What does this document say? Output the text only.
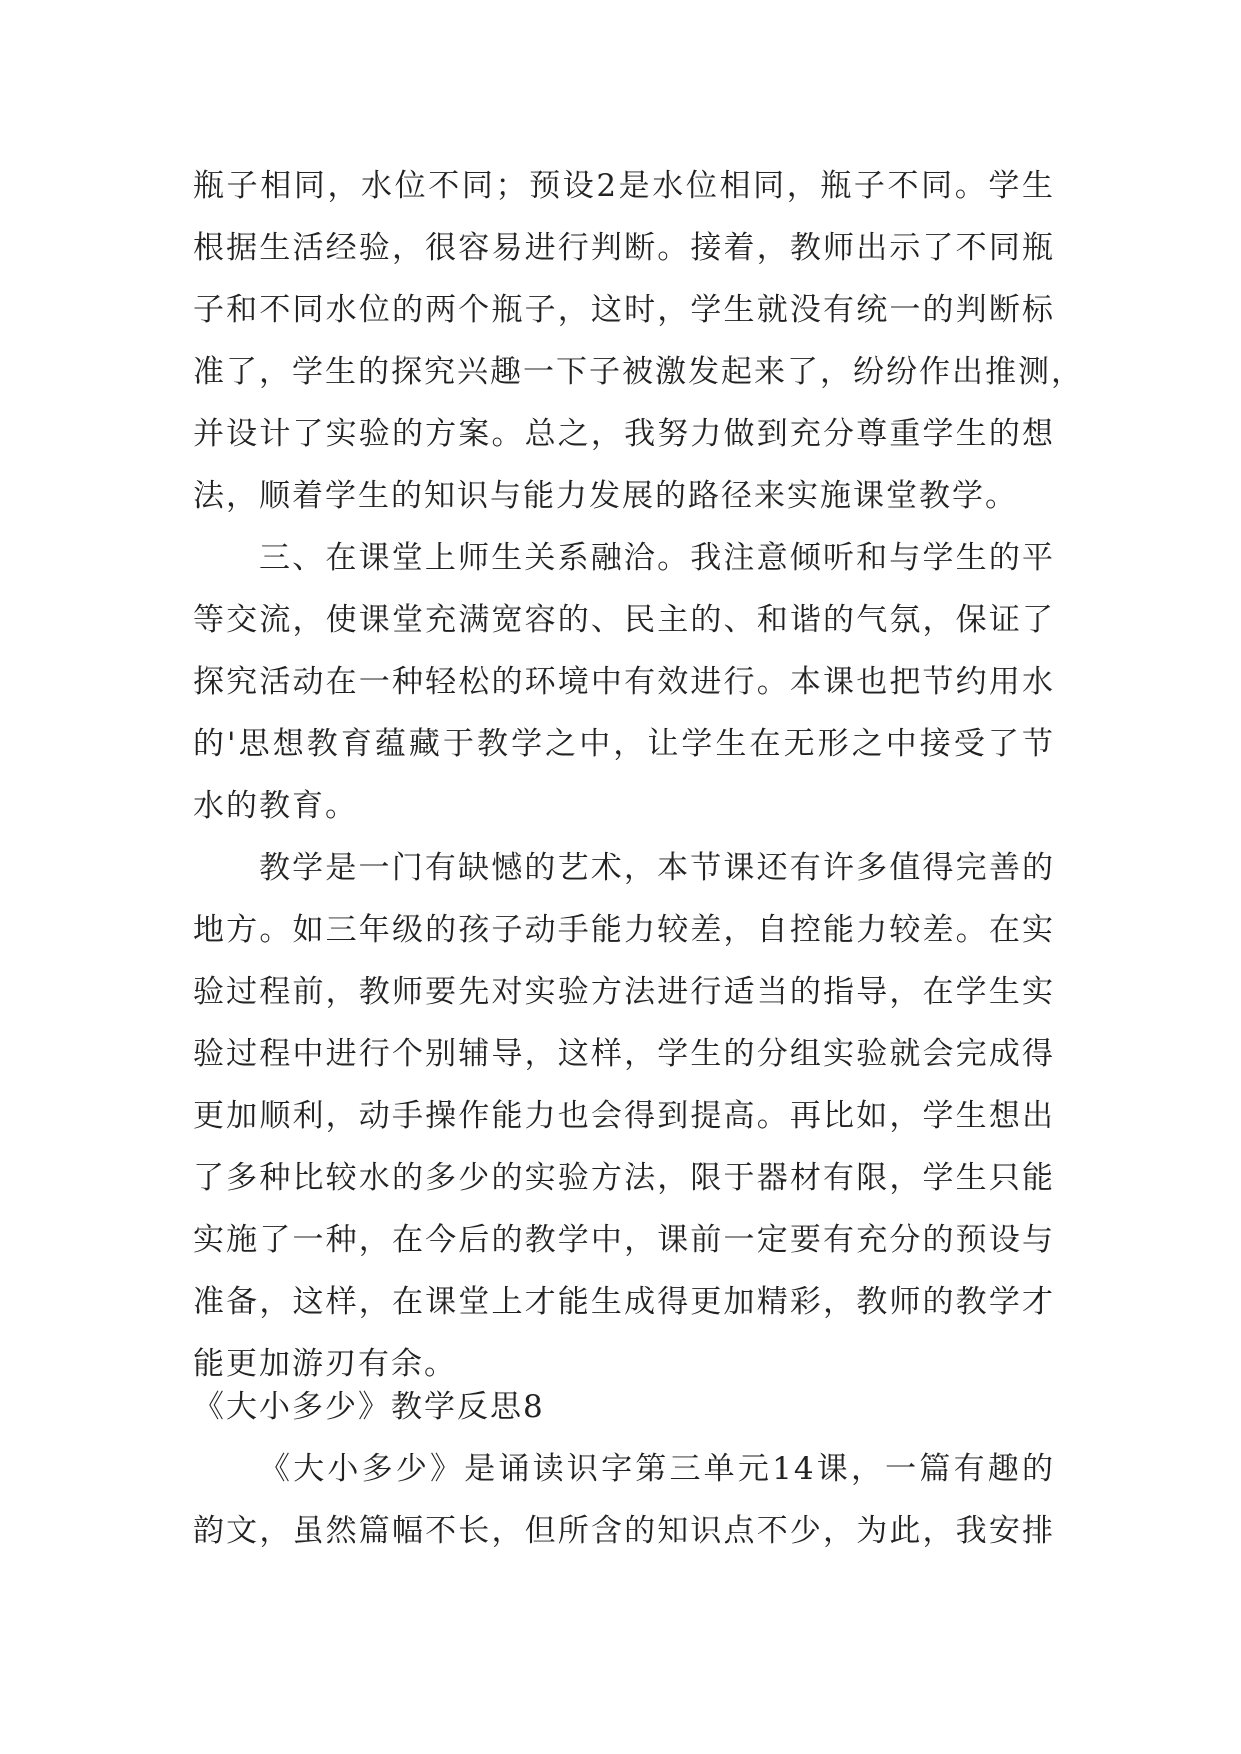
瓶子相同，水位不同；预设2是水位相同，瓶子不同。学生
根据生活经验，很容易进行判断。接着，教师出示了不同瓶
子和不同水位的两个瓶子，这时，学生就没有统一的判断标
准了，学生的探究兴趣一下子被激发起来了，纷纷作出推测，
并设计了实验的方案。总之，我努力做到充分尊重学生的想
法，顺着学生的知识与能力发展的路径来实施课堂教学。
三、在课堂上师生关系融洽。我注意倾听和与学生的平
等交流，使课堂充满宽容的、民主的、和谐的气氛，保证了
探究活动在一种轻松的环境中有效进行。本课也把节约用水
的'思想教育蕴藏于教学之中，让学生在无形之中接受了节
水的教育。
教学是一门有缺憾的艺术，本节课还有许多值得完善的
地方。如三年级的孩子动手能力较差，自控能力较差。在实
验过程前，教师要先对实验方法进行适当的指导，在学生实
验过程中进行个别辅导，这样，学生的分组实验就会完成得
更加顺利，动手操作能力也会得到提高。再比如，学生想出
了多种比较水的多少的实验方法，限于器材有限，学生只能
实施了一种，在今后的教学中，课前一定要有充分的预设与
准备，这样，在课堂上才能生成得更加精彩，教师的教学才
能更加游刃有余。
《大小多少》教学反思8
《大小多少》是诵读识字第三单元14课，一篇有趣的
韵文，虽然篇幅不长，但所含的知识点不少，为此，我安排
